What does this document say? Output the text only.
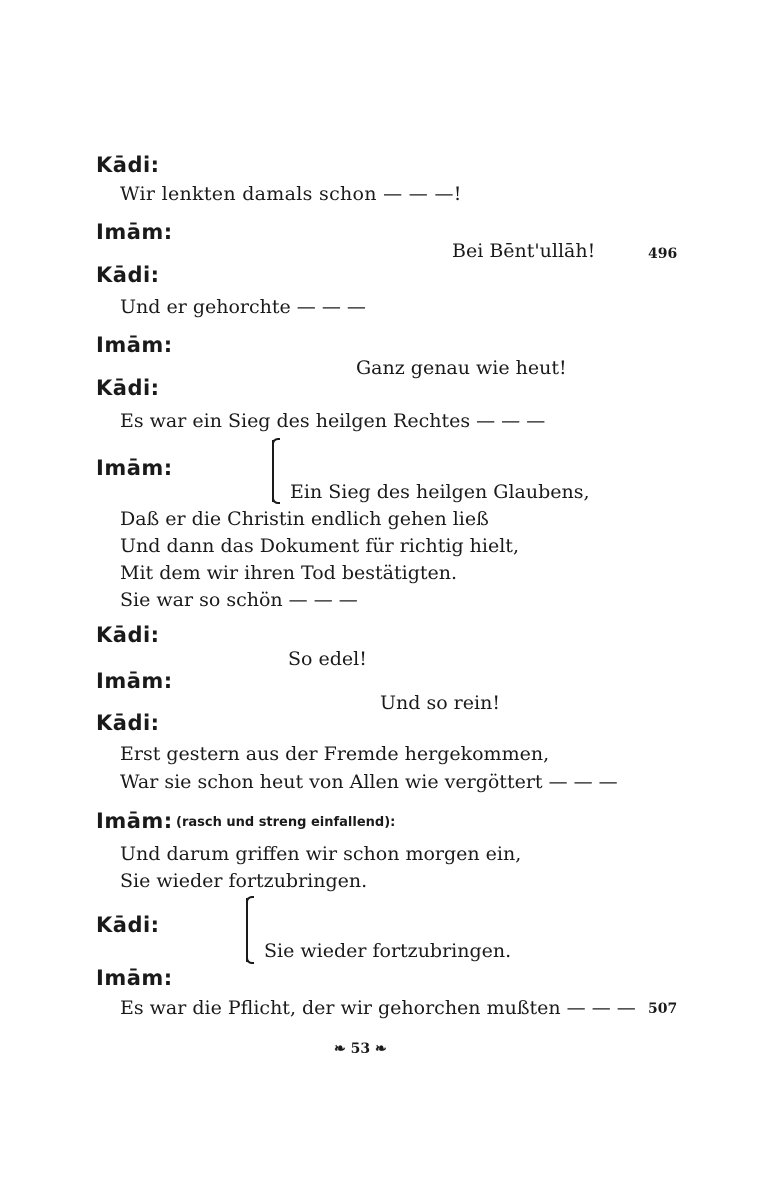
Kādi:
Wir lenkten damals schon — — —!
Imām:
Bei Bēnt'ullāh!	496
Kādi:
Und er gehorchte — — —
Imām:
Ganz genau wie heut!
Kādi:
Es war ein Sieg des heilgen Rechtes — — —
Imām:
Ein Sieg des heilgen Glaubens,
Daß er die Christin endlich gehen ließ
Und dann das Dokument für richtig hielt,
Mit dem wir ihren Tod bestätigten.
Sie war so schön — — —
Kādi:
So edel!
Imām:
Und so rein!
Kādi:
Erst gestern aus der Fremde hergekommen,
War sie schon heut von Allen wie vergöttert — — —
Imām: (rasch und streng einfallend):
Und darum griffen wir schon morgen ein,
Sie wieder fortzubringen.
Kādi:
Sie wieder fortzubringen.
Imām:
Es war die Pflicht, der wir gehorchen mußten — — — 507
❧ 53 ❧
